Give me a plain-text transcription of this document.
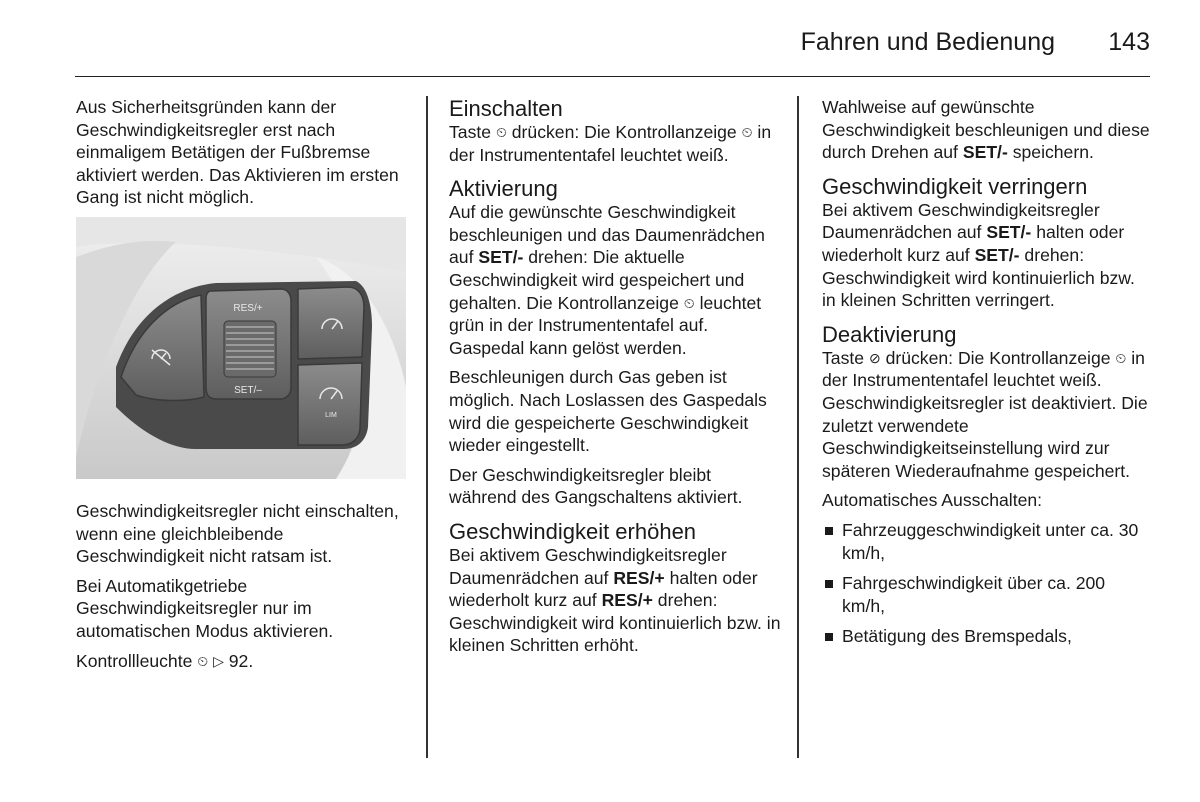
Fahren und Bedienung 143

Aus Sicherheitsgründen kann der Geschwindigkeitsregler erst nach einmaligem Betätigen der Fußbremse aktiviert werden. Das Aktivieren im ersten Gang ist nicht möglich.

RES/+
SET/–
LIM

Geschwindigkeitsregler nicht einschalten, wenn eine gleichbleibende Geschwindigkeit nicht ratsam ist.

Bei Automatikgetriebe Geschwindigkeitsregler nur im automatischen Modus aktivieren.

Kontrollleuchte ⏲ ▷ 92.

Einschalten

Taste ⏲ drücken: Die Kontrollanzeige ⏲ in der Instrumententafel leuchtet weiß.

Aktivierung

Auf die gewünschte Geschwindigkeit beschleunigen und das Daumenrädchen auf SET/- drehen: Die aktuelle Geschwindigkeit wird gespeichert und gehalten. Die Kontrollanzeige ⏲ leuchtet grün in der Instrumententafel auf. Gaspedal kann gelöst werden.

Beschleunigen durch Gas geben ist möglich. Nach Loslassen des Gaspedals wird die gespeicherte Geschwindigkeit wieder eingestellt.

Der Geschwindigkeitsregler bleibt während des Gangschaltens aktiviert.

Geschwindigkeit erhöhen

Bei aktivem Geschwindigkeitsregler Daumenrädchen auf RES/+ halten oder wiederholt kurz auf RES/+ drehen: Geschwindigkeit wird kontinuierlich bzw. in kleinen Schritten erhöht.

Wahlweise auf gewünschte Geschwindigkeit beschleunigen und diese durch Drehen auf SET/- speichern.

Geschwindigkeit verringern

Bei aktivem Geschwindigkeitsregler Daumenrädchen auf SET/- halten oder wiederholt kurz auf SET/- drehen: Geschwindigkeit wird kontinuierlich bzw. in kleinen Schritten verringert.

Deaktivierung

Taste ⊘ drücken: Die Kontrollanzeige ⏲ in der Instrumententafel leuchtet weiß. Geschwindigkeitsregler ist deaktiviert. Die zuletzt verwendete Geschwindigkeitseinstellung wird zur späteren Wiederaufnahme gespeichert.

Automatisches Ausschalten:

Fahrzeuggeschwindigkeit unter ca. 30 km/h,
Fahrgeschwindigkeit über ca. 200 km/h,
Betätigung des Bremspedals,
